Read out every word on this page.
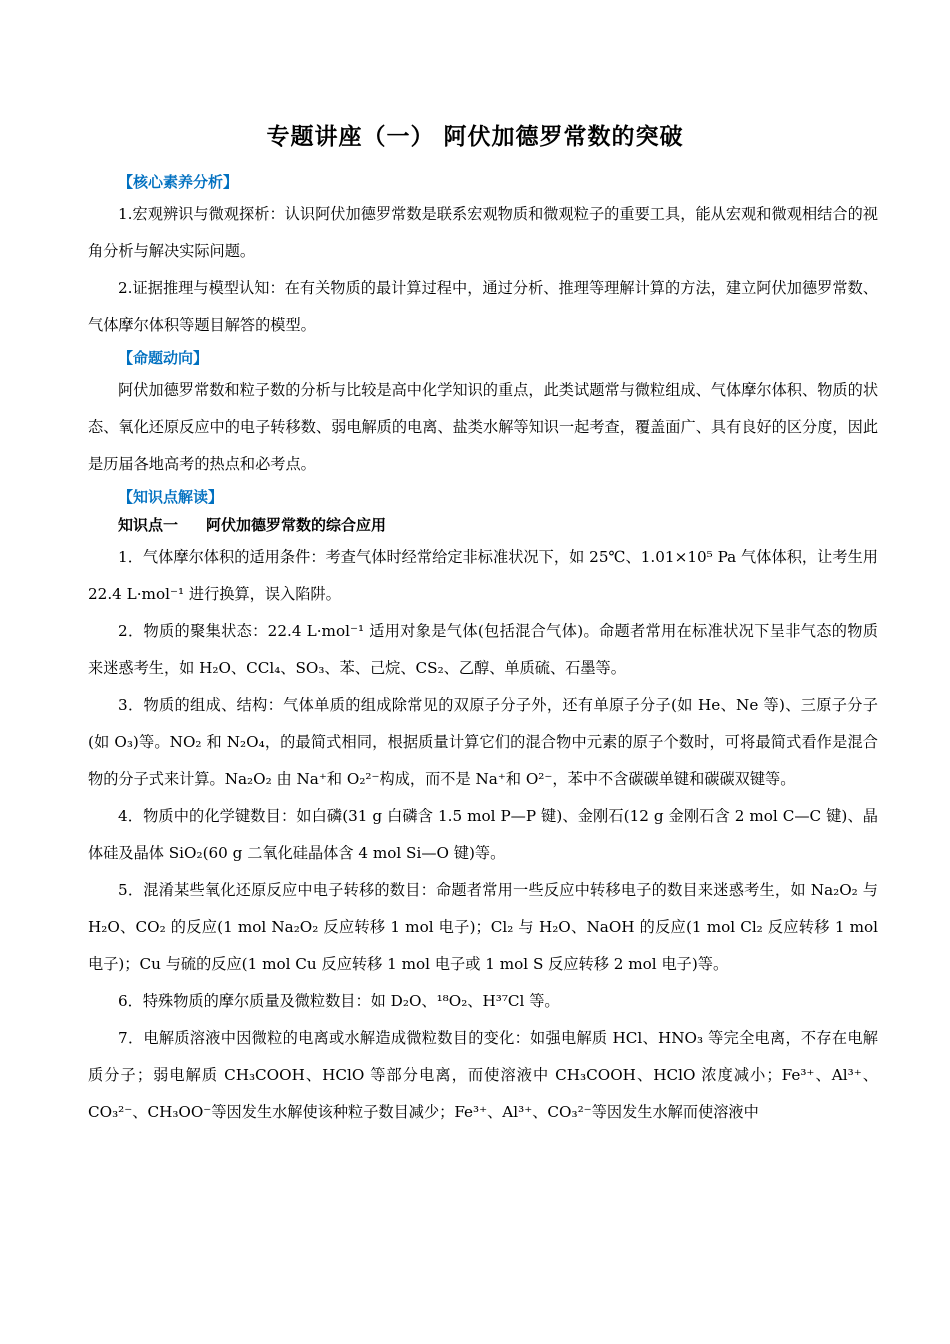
专题讲座（一） 阿伏加德罗常数的突破
【核心素养分析】

1.宏观辨识与微观探析：认识阿伏加德罗常数是联系宏观物质和微观粒子的重要工具，能从宏观和微观相结合的视角分析与解决实际问题。

2.证据推理与模型认知：在有关物质的最计算过程中，通过分析、推理等理解计算的方法，建立阿伏加德罗常数、气体摩尔体积等题目解答的模型。

【命题动向】

阿伏加德罗常数和粒子数的分析与比较是高中化学知识的重点，此类试题常与微粒组成、气体摩尔体积、物质的状态、氧化还原反应中的电子转移数、弱电解质的电离、盐类水解等知识一起考查，覆盖面广、具有良好的区分度，因此是历届各地高考的热点和必考点。

【知识点解读】
知识点一 阿伏加德罗常数的综合应用

1．气体摩尔体积的适用条件：考查气体时经常给定非标准状况下，如 25℃、1.01×10⁵ Pa 气体体积，让考生用 22.4 L·mol⁻¹ 进行换算，误入陷阱。

2．物质的聚集状态：22.4 L·mol⁻¹ 适用对象是气体(包括混合气体)。命题者常用在标准状况下呈非气态的物质来迷惑考生，如 H₂O、CCl₄、SO₃、苯、己烷、CS₂、乙醇、单质硫、石墨等。

3．物质的组成、结构：气体单质的组成除常见的双原子分子外，还有单原子分子(如 He、Ne 等)、三原子分子(如 O₃)等。NO₂ 和 N₂O₄，的最简式相同，根据质量计算它们的混合物中元素的原子个数时，可将最简式看作是混合物的分子式来计算。Na₂O₂ 由 Na⁺和 O₂²⁻构成，而不是 Na⁺和 O²⁻，苯中不含碳碳单键和碳碳双键等。

4．物质中的化学键数目：如白磷(31 g 白磷含 1.5 mol P—P 键)、金刚石(12 g 金刚石含 2 mol C—C 键)、晶体硅及晶体 SiO₂(60 g 二氧化硅晶体含 4 mol Si—O 键)等。

5．混淆某些氧化还原反应中电子转移的数目：命题者常用一些反应中转移电子的数目来迷惑考生，如 Na₂O₂ 与 H₂O、CO₂ 的反应(1 mol Na₂O₂ 反应转移 1 mol 电子)；Cl₂ 与 H₂O、NaOH 的反应(1 mol Cl₂ 反应转移 1 mol 电子)；Cu 与硫的反应(1 mol Cu 反应转移 1 mol 电子或 1 mol S 反应转移 2 mol 电子)等。

6．特殊物质的摩尔质量及微粒数目：如 D₂O、¹⁸O₂、H³⁷Cl 等。

7．电解质溶液中因微粒的电离或水解造成微粒数目的变化：如强电解质 HCl、HNO₃ 等完全电离，不存在电解质分子；弱电解质 CH₃COOH、HClO 等部分电离，而使溶液中 CH₃COOH、HClO 浓度减小；Fe³⁺、Al³⁺、CO₃²⁻、CH₃OO⁻等因发生水解使该种粒子数目减少；Fe³⁺、Al³⁺、CO₃²⁻等因发生水解而使溶液中
